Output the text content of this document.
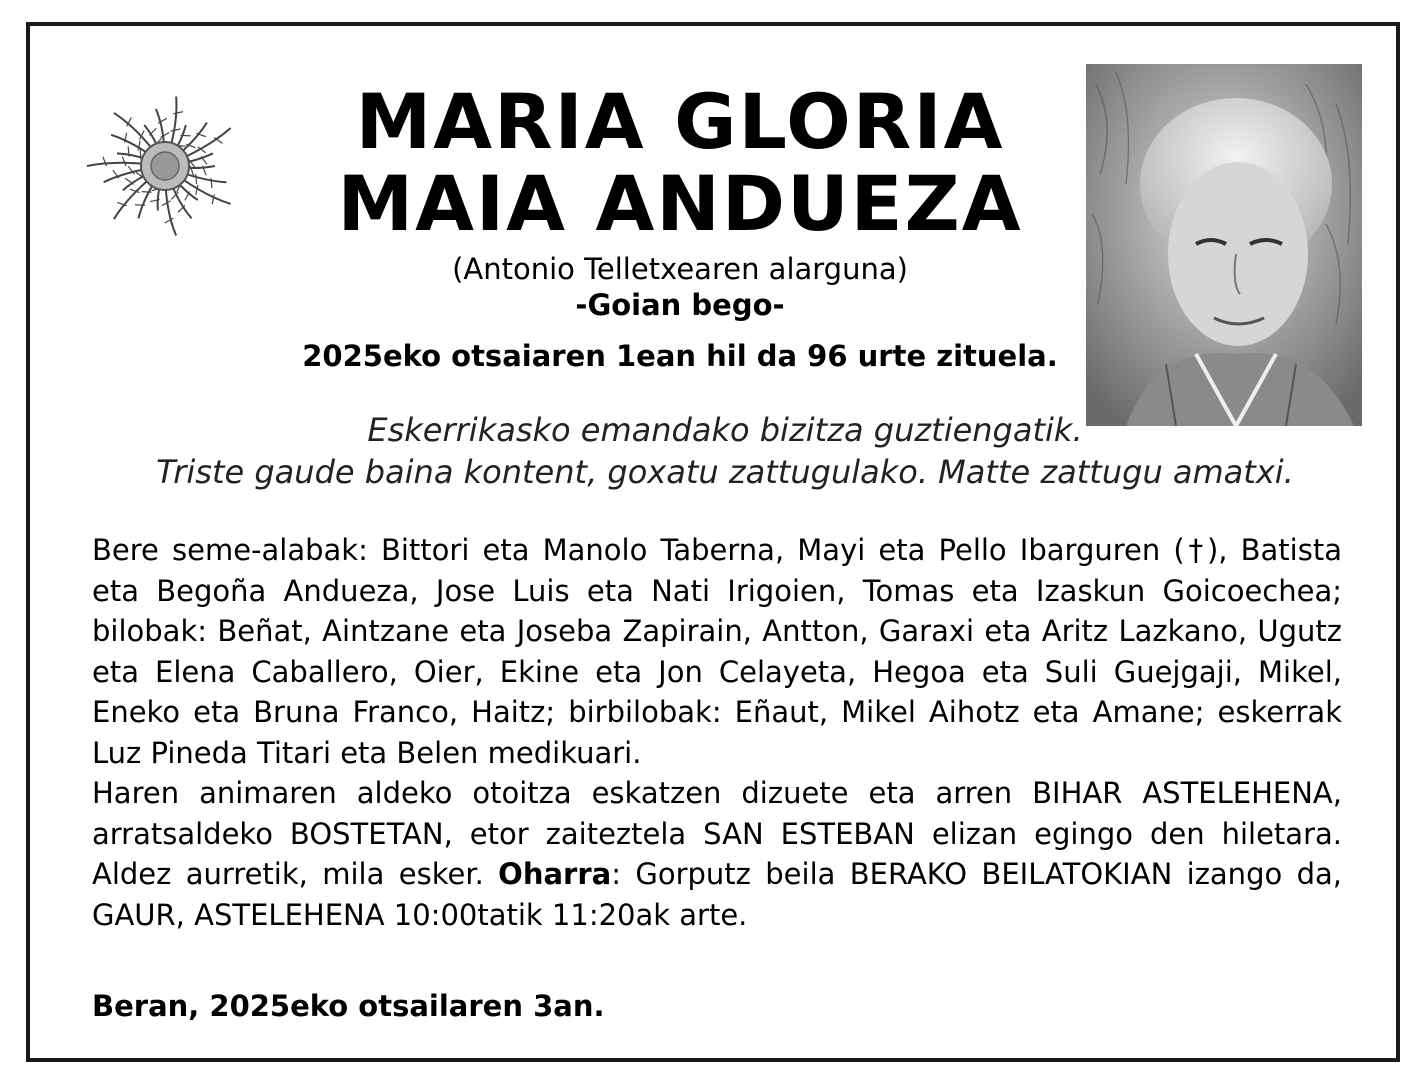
MARIA GLORIA
MAIA ANDUEZA
(Antonio Telletxearen alarguna)
-Goian bego-
2025eko otsaiaren 1ean hil da 96 urte zituela.
Eskerrikasko emandako bizitza guztiengatik.
Triste gaude baina kontent, goxatu zattugulako. Matte zattugu amatxi.

Bere seme-alabak: Bittori eta Manolo Taberna, Mayi eta Pello Ibarguren (†), Batista eta Begoña Andueza, Jose Luis eta Nati Irigoien, Tomas eta Izaskun Goicoechea; bilobak: Beñat, Aintzane eta Joseba Zapirain, Antton, Garaxi eta Aritz Lazkano, Ugutz eta Elena Caballero, Oier, Ekine eta Jon Celayeta, Hegoa eta Suli Guejgaji, Mikel, Eneko eta Bruna Franco, Haitz; birbilobak: Eñaut, Mikel Aihotz eta Amane; eskerrak Luz Pineda Titari eta Belen medikuari.

Haren animaren aldeko otoitza eskatzen dizuete eta arren BIHAR ASTELEHENA, arratsaldeko BOSTETAN, etor zaiteztela SAN ESTEBAN elizan egingo den hiletara. Aldez aurretik, mila esker. Oharra: Gorputz beila BERAKO BEILATOKIAN izango da, GAUR, ASTELEHENA 10:00tatik 11:20ak arte.

Beran, 2025eko otsailaren 3an.
